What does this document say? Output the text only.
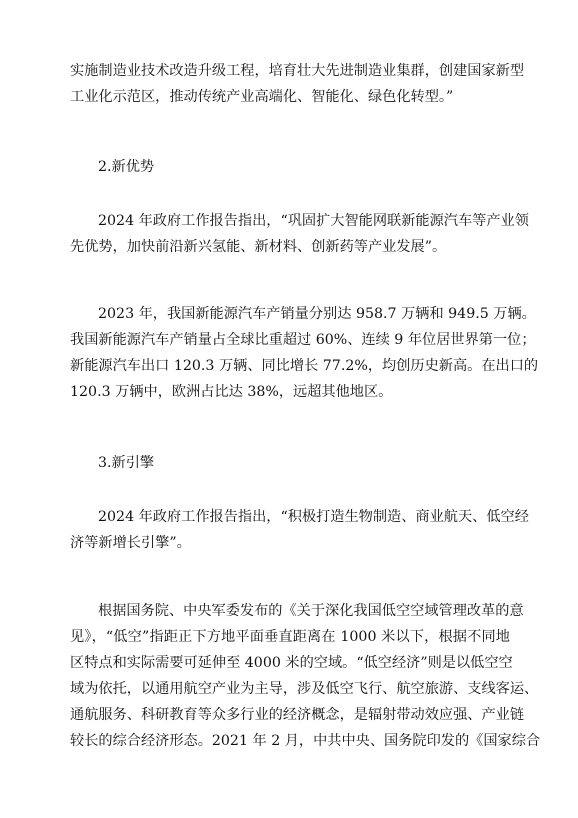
实施制造业技术改造升级工程，培育壮大先进制造业集群，创建国家新型
工业化示范区，推动传统产业高端化、智能化、绿色化转型。”
2.新优势
2024 年政府工作报告指出，“巩固扩大智能网联新能源汽车等产业领
先优势，加快前沿新兴氢能、新材料、创新药等产业发展”。
2023 年，我国新能源汽车产销量分别达 958.7 万辆和 949.5 万辆。
我国新能源汽车产销量占全球比重超过 60%、连续 9 年位居世界第一位；
新能源汽车出口 120.3 万辆、同比增长 77.2%，均创历史新高。在出口的
120.3 万辆中，欧洲占比达 38%，远超其他地区。
3.新引擎
2024 年政府工作报告指出，“积极打造生物制造、商业航天、低空经
济等新增长引擎”。
根据国务院、中央军委发布的《关于深化我国低空空域管理改革的意
见》，“低空”指距正下方地平面垂直距离在 1000 米以下，根据不同地
区特点和实际需要可延伸至 4000 米的空域。“低空经济”则是以低空空
域为依托，以通用航空产业为主导，涉及低空飞行、航空旅游、支线客运、
通航服务、科研教育等众多行业的经济概念，是辐射带动效应强、产业链
较长的综合经济形态。2021 年 2 月，中共中央、国务院印发的《国家综合
